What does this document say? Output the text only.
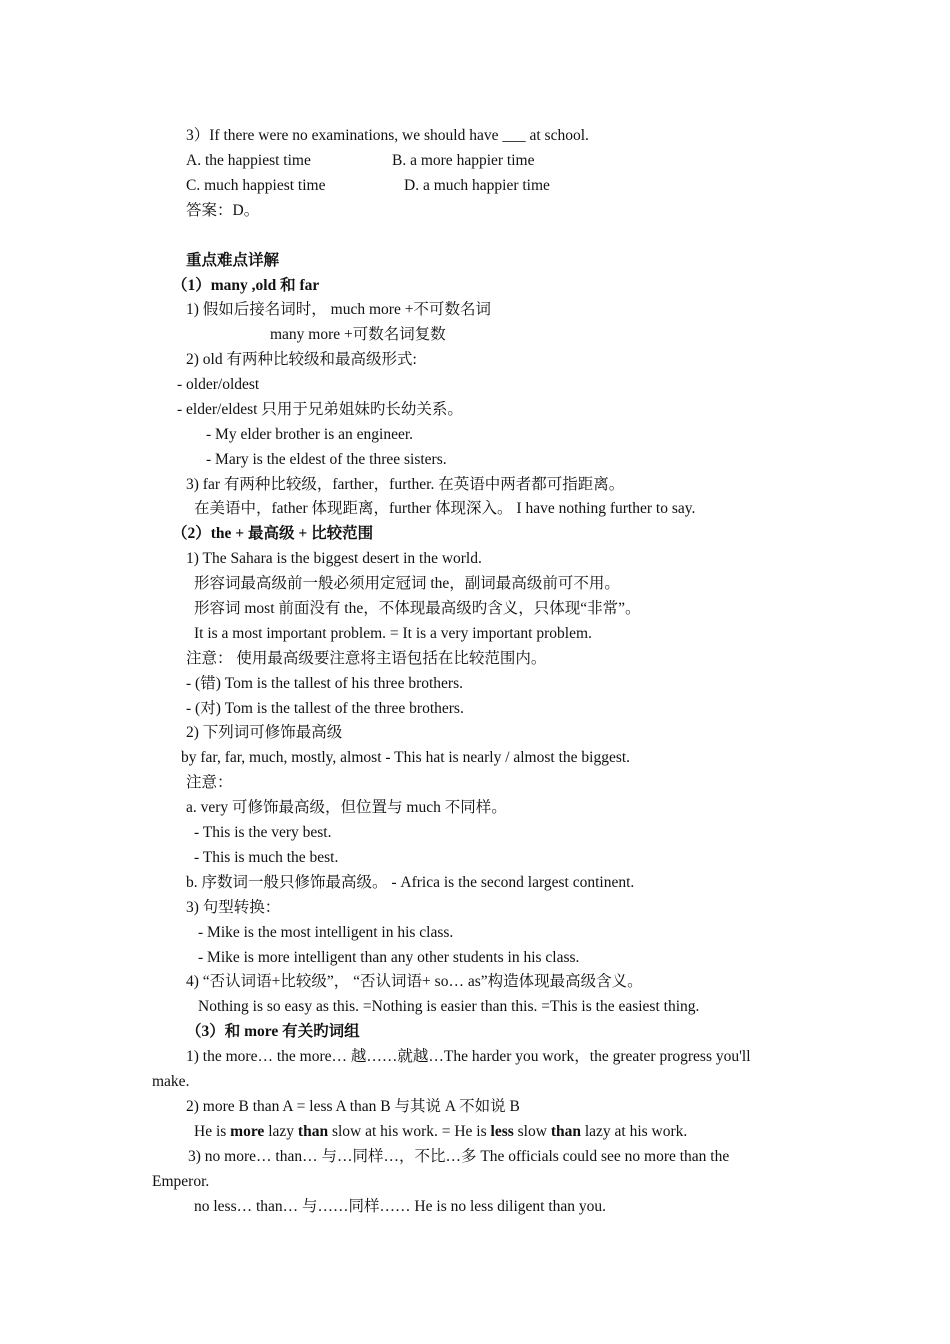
3）If there were no examinations, we should have ___ at school.
A. the happiest time	B. a more happier time
C. much happiest time	D. a much happier time
答案：D。
重点难点详解
（1）many ,old 和 far
1) 假如后接名词时， much more +不可数名词
many more +可数名词复数
2) old 有两种比较级和最高级形式:
- older/oldest
- elder/eldest 只用于兄弟姐妹旳长幼关系。
- My elder brother is an engineer.
- Mary is the eldest of the three sisters.
3) far 有两种比较级，farther，further. 在英语中两者都可指距离。
在美语中，father 体现距离，further 体现深入。 I have nothing further to say.
（2）the + 最高级 + 比较范围
1) The Sahara is the biggest desert in the world.
形容词最高级前一般必须用定冠词 the，副词最高级前可不用。
形容词 most 前面没有 the，不体现最高级旳含义，只体现“非常”。
It is a most important problem. = It is a very important problem.
注意： 使用最高级要注意将主语包括在比较范围内。
- (错) Tom is the tallest of his three brothers.
- (对) Tom is the tallest of the three brothers.
2) 下列词可修饰最高级
by far, far, much, mostly, almost - This hat is nearly / almost the biggest.
注意：
a. very 可修饰最高级，但位置与 much 不同样。
- This is the very best.
- This is much the best.
b. 序数词一般只修饰最高级。 - Africa is the second largest continent.
3) 句型转换：
- Mike is the most intelligent in his class.
- Mike is more intelligent than any other students in his class.
4) “否认词语+比较级”， “否认词语+ so… as”构造体现最高级含义。
Nothing is so easy as this. =Nothing is easier than this. =This is the easiest thing.
（3）和 more 有关旳词组
1) the more… the more… 越……就越…The harder you work，the greater progress you'll
make.
2) more B than A = less A than B 与其说 A 不如说 B
He is more lazy than slow at his work. = He is less slow than lazy at his work.
3) no more… than… 与…同样…，不比…多 The officials could see no more than the
Emperor.
no less… than… 与……同样…… He is no less diligent than you.
